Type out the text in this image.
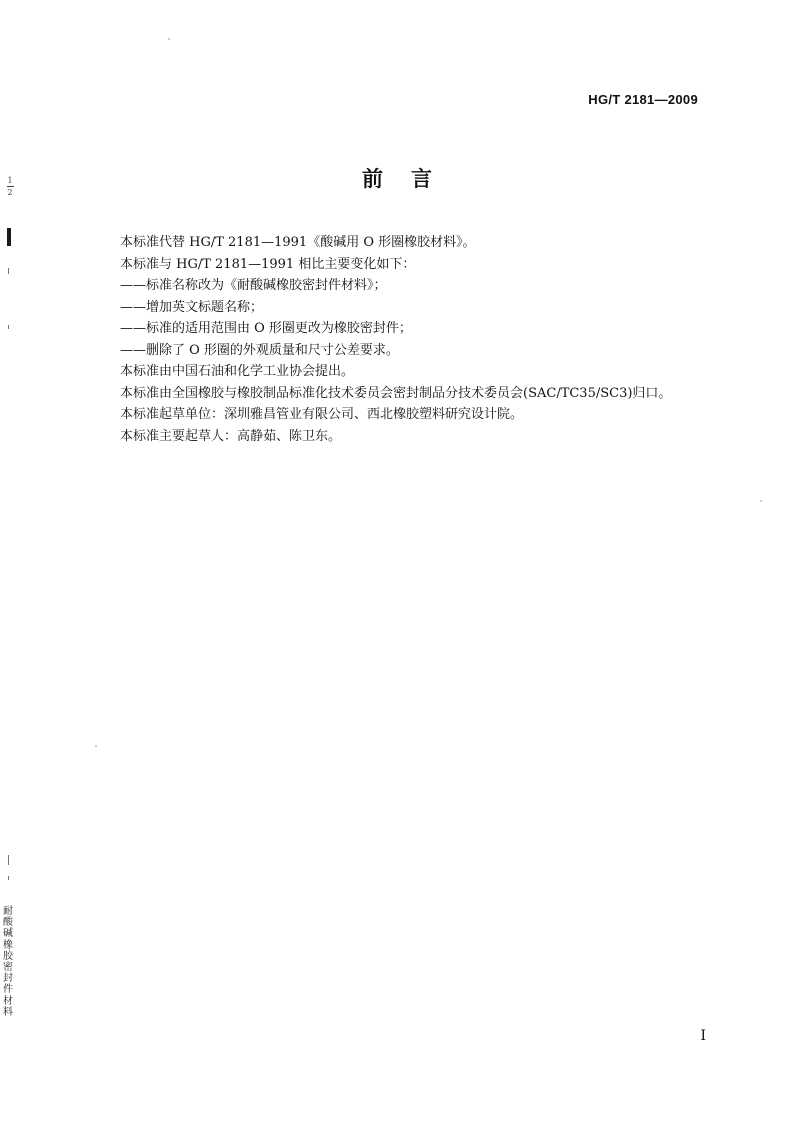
HG/T 2181—2009
前言

本标准代替 HG/T 2181—1991《酸碱用 O 形圈橡胶材料》。

本标准与 HG/T 2181—1991 相比主要变化如下：

——标准名称改为《耐酸碱橡胶密封件材料》；

——增加英文标题名称；

——标准的适用范围由 O 形圈更改为橡胶密封件；

——删除了 O 形圈的外观质量和尺寸公差要求。

本标准由中国石油和化学工业协会提出。

本标准由全国橡胶与橡胶制品标准化技术委员会密封制品分技术委员会(SAC/TC35/SC3)归口。

本标准起草单位：深圳雅昌管业有限公司、西北橡胶塑料研究设计院。

本标准主要起草人：高静茹、陈卫东。

I
1
2
耐酸碱橡胶密封件材料
